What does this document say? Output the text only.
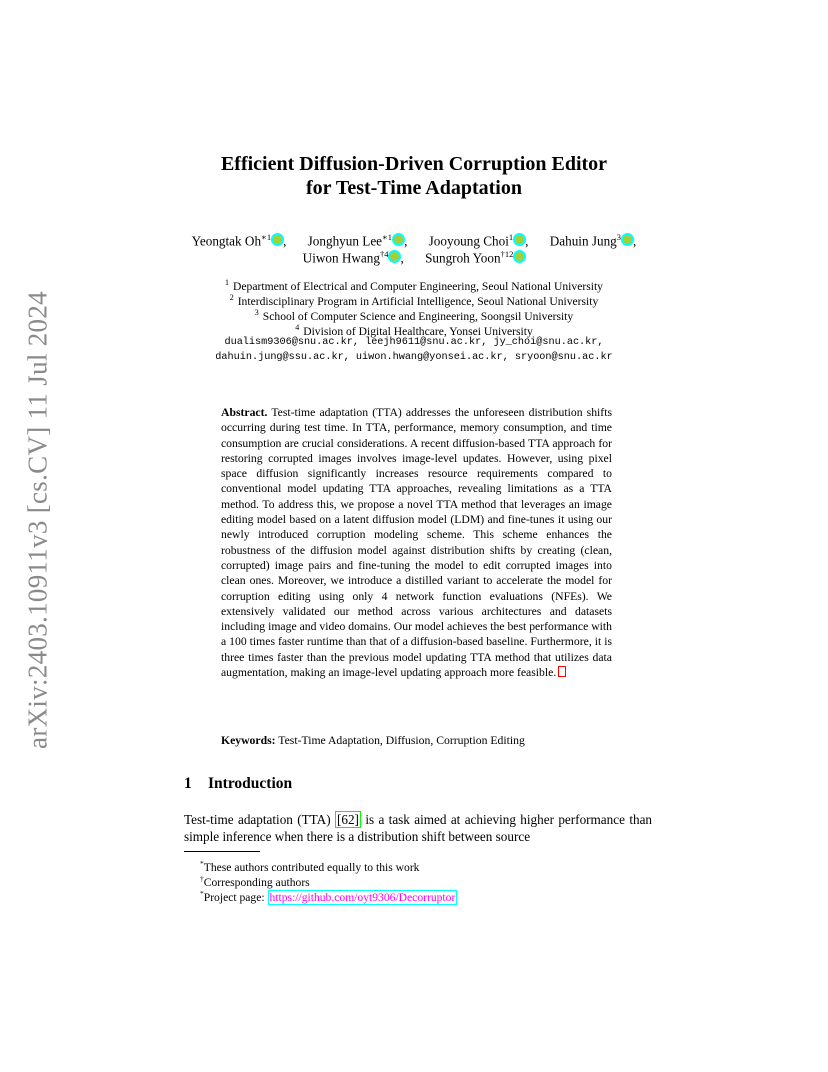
arXiv:2403.10911v3 [cs.CV] 11 Jul 2024
Efficient Diffusion-Driven Corruption Editor
for Test-Time Adaptation
Yeongtak $Oh^{∗1}$ , Jonghyun Lee$^{∗1}$ , Jooyoung Choi$^1$ , Dahuin Jung$^3$ ,
Uiwon Hwang$^{\dagger 4}$ , Sungroh Yoon$^{\dagger 12}$
$^1$ Department of Electrical and Computer Engineering, Seoul National University
$^2$ Interdisciplinary Program in Artificial Intelligence, Seoul National University
$^3$ School of Computer Science and Engineering, Soongsil University
$^4$ Division of Digital Healthcare, Yonsei University
dualism9306@snu.ac.kr, leejh9611@snu.ac.kr, jy_choi@snu.ac.kr,
dahuin.jung@ssu.ac.kr, uiwon.hwang@yonsei.ac.kr, sryoon@snu.ac.kr
Abstract. Test-time adaptation (TTA) addresses the unforeseen distribution shifts occurring during test time. In TTA, performance, memory consumption, and time consumption are crucial considerations. A recent diffusion-based TTA approach for restoring corrupted images involves image-level updates. However, using pixel space diffusion significantly increases resource requirements compared to conventional model updating TTA approaches, revealing limitations as a TTA method. To address this, we propose a novel TTA method that leverages an image editing model based on a latent diffusion model (LDM) and fine-tunes it using our newly introduced corruption modeling scheme. This scheme enhances the robustness of the diffusion model against distribution shifts by creating (clean, corrupted) image pairs and fine-tuning the model to edit corrupted images into clean ones. Moreover, we introduce a distilled variant to accelerate the model for corruption editing using only 4 network function evaluations (NFEs). We extensively validated our method across various architectures and datasets including image and video domains. Our model achieves the best performance with a 100 times faster runtime than that of a diffusion-based baseline. Furthermore, it is three times faster than the previous model updating TTA method that utilizes data augmentation, making an image-level updating approach more feasible.
Keywords: Test-Time Adaptation, Diffusion, Corruption Editing
1 Introduction
Test-time adaptation (TTA) [62] is a task aimed at achieving higher performance than simple inference when there is a distribution shift between source
*These authors contributed equally to this work
†Corresponding authors
*Project page: https://github.com/oyt9306/Decorruptor
